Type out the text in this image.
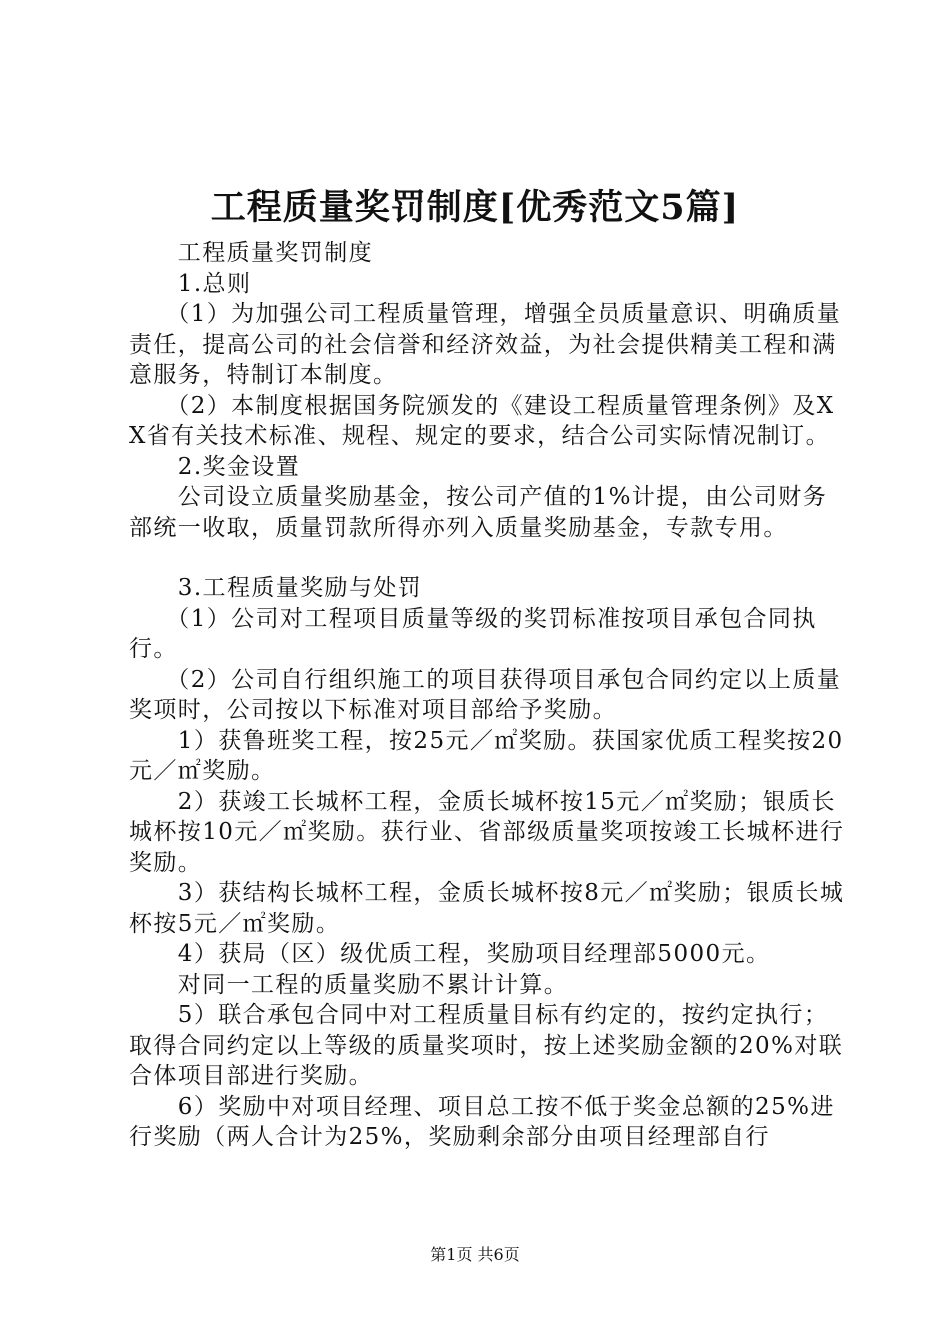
工程质量奖罚制度[优秀范文5篇]

　　工程质量奖罚制度

　　1.总则

　　（1）为加强公司工程质量管理，增强全员质量意识、明确质量责任，提高公司的社会信誉和经济效益，为社会提供精美工程和满意服务，特制订本制度。

　　（2）本制度根据国务院颁发的《建设工程质量管理条例》及XX省有关技术标准、规程、规定的要求，结合公司实际情况制订。

　　2.奖金设置

　　公司设立质量奖励基金，按公司产值的1%计提，由公司财务部统一收取，质量罚款所得亦列入质量奖励基金，专款专用。

　　3.工程质量奖励与处罚

　　（1）公司对工程项目质量等级的奖罚标准按项目承包合同执行。

　　（2）公司自行组织施工的项目获得项目承包合同约定以上质量奖项时，公司按以下标准对项目部给予奖励。

　　1）获鲁班奖工程，按25元／㎡奖励。获国家优质工程奖按20元／㎡奖励。

　　2）获竣工长城杯工程，金质长城杯按15元／㎡奖励；银质长城杯按10元／㎡奖励。获行业、省部级质量奖项按竣工长城杯进行奖励。

　　3）获结构长城杯工程，金质长城杯按8元／㎡奖励；银质长城杯按5元／㎡奖励。

　　4）获局（区）级优质工程，奖励项目经理部5000元。

　　对同一工程的质量奖励不累计计算。

　　5）联合承包合同中对工程质量目标有约定的，按约定执行；取得合同约定以上等级的质量奖项时，按上述奖励金额的20%对联合体项目部进行奖励。

　　6）奖励中对项目经理、项目总工按不低于奖金总额的25%进行奖励（两人合计为25%，奖励剩余部分由项目经理部自行

第1页 共6页
